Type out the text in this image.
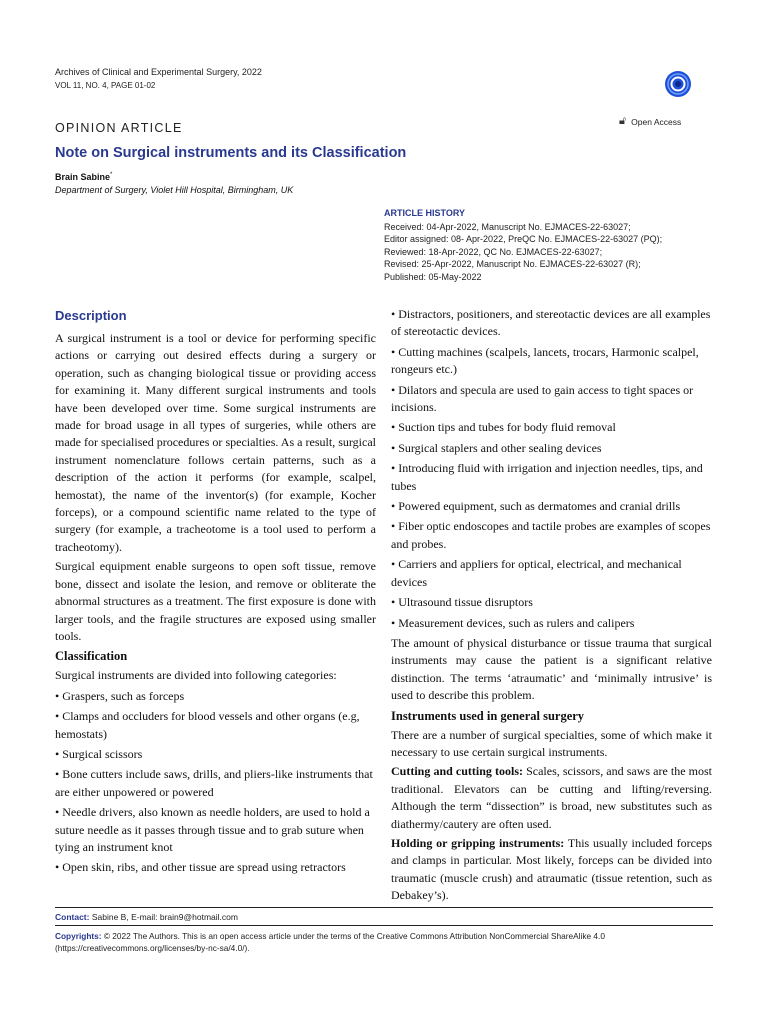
Archives of Clinical and Experimental Surgery, 2022
VOL 11, NO. 4, PAGE 01-02
🔓︎ Open Access
OPINION ARTICLE
Note on Surgical instruments and its Classification
Brain Sabine*
Department of Surgery, Violet Hill Hospital, Birmingham, UK
ARTICLE HISTORY
Received: 04-Apr-2022, Manuscript No. EJMACES-22-63027;
Editor assigned: 08- Apr-2022, PreQC No. EJMACES-22-63027 (PQ);
Reviewed: 18-Apr-2022, QC No. EJMACES-22-63027;
Revised: 25-Apr-2022, Manuscript No. EJMACES-22-63027 (R);
Published: 05-May-2022
Description

A surgical instrument is a tool or device for performing specific actions or carrying out desired effects during a surgery or operation, such as changing biological tissue or providing access for examining it. Many different surgical instruments and tools have been developed over time. Some surgical instruments are made for broad usage in all types of surgeries, while others are made for specialised procedures or specialties. As a result, surgical instrument nomenclature follows certain patterns, such as a description of the action it performs (for example, scalpel, hemostat), the name of the inventor(s) (for example, Kocher forceps), or a compound scientific name related to the type of surgery (for example, a tracheotome is a tool used to perform a tracheotomy).

Surgical equipment enable surgeons to open soft tissue, remove bone, dissect and isolate the lesion, and remove or obliterate the abnormal structures as a treatment. The first exposure is done with larger tools, and the fragile structures are exposed using smaller tools.

Classification

Surgical instruments are divided into following categories:

• Graspers, such as forceps

• Clamps and occluders for blood vessels and other organs (e.g, hemostats)

• Surgical scissors

• Bone cutters include saws, drills, and pliers-like instruments that are either unpowered or powered

• Needle drivers, also known as needle holders, are used to hold a suture needle as it passes through tissue and to grab suture when tying an instrument knot

• Open skin, ribs, and other tissue are spread using retractors

• Distractors, positioners, and stereotactic devices are all examples of stereotactic devices.

• Cutting machines (scalpels, lancets, trocars, Harmonic scalpel, rongeurs etc.)

• Dilators and specula are used to gain access to tight spaces or incisions.

• Suction tips and tubes for body fluid removal

• Surgical staplers and other sealing devices

• Introducing fluid with irrigation and injection needles, tips, and tubes

• Powered equipment, such as dermatomes and cranial drills

• Fiber optic endoscopes and tactile probes are examples of scopes and probes.

• Carriers and appliers for optical, electrical, and mechanical devices

• Ultrasound tissue disruptors

• Measurement devices, such as rulers and calipers

The amount of physical disturbance or tissue trauma that surgical instruments may cause the patient is a significant relative distinction. The terms ‘atraumatic’ and ‘minimally intrusive’ is used to describe this problem.

Instruments used in general surgery

There are a number of surgical specialties, some of which make it necessary to use certain surgical instruments.

Cutting and cutting tools: Scales, scissors, and saws are the most traditional. Elevators can be cutting and lifting/reversing. Although the term “dissection” is broad, new substitutes such as diathermy/cautery are often used.

Holding or gripping instruments: This usually included forceps and clamps in particular. Most likely, forceps can be divided into traumatic (muscle crush) and atraumatic (tissue retention, such as Debakey’s).

Contact: Sabine B, E-mail: brain9@hotmail.com
Copyrights: © 2022 The Authors. This is an open access article under the terms of the Creative Commons Attribution NonCommercial ShareAlike 4.0 (https://creativecommons.org/licenses/by-nc-sa/4.0/).
